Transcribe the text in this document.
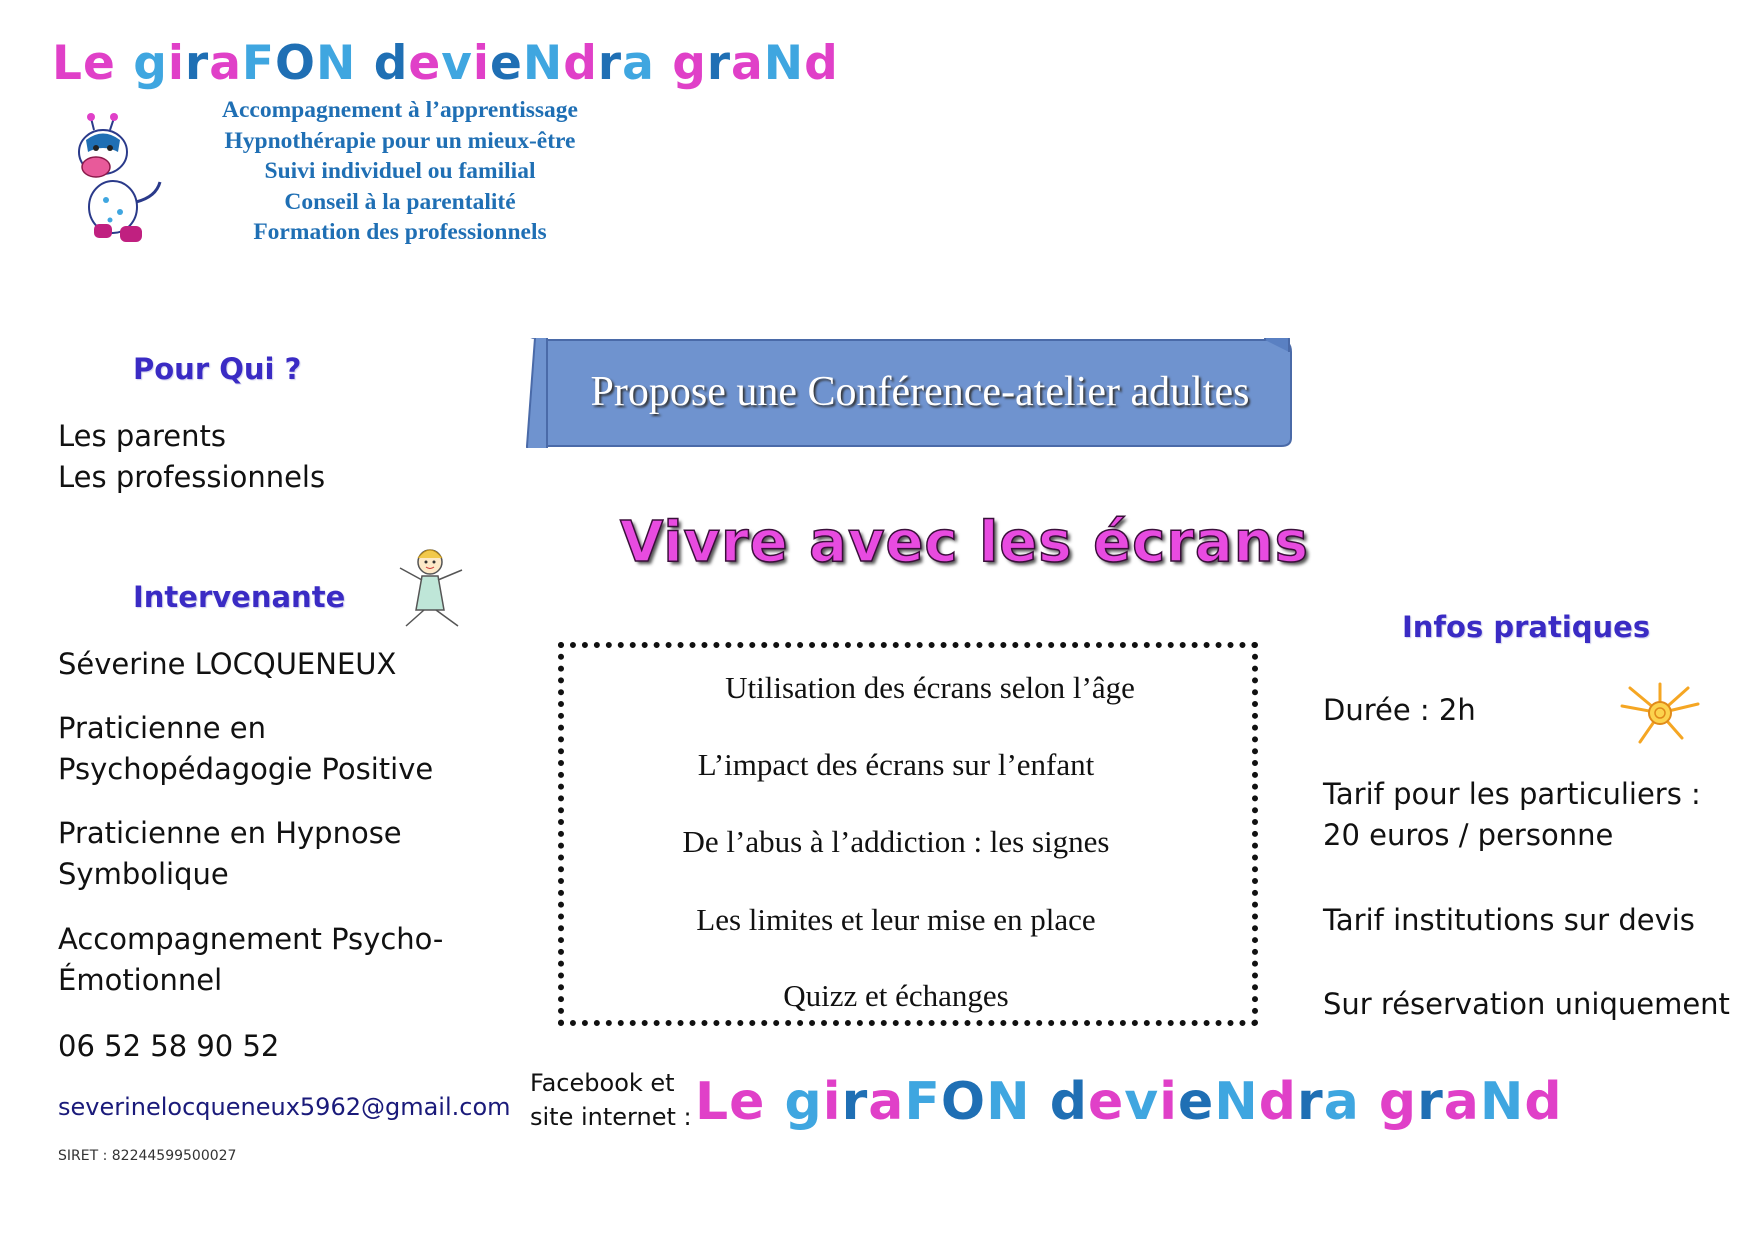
Le giraFON devieNdra graNd
Accompagnement à l’apprentissage
Hypnothérapie pour un mieux-être
Suivi individuel ou familial
Conseil à la parentalité
Formation des professionnels
Pour Qui ?
Les parents
Les professionnels
Intervenante
Séverine LOCQUENEUX
Praticienne en
Psychopédagogie Positive
Praticienne en Hypnose
Symbolique
Accompagnement Psycho-
Émotionnel
06 52 58 90 52
severinelocqueneux5962@gmail.com
SIRET : 82244599500027
Propose une Conférence-atelier adultes
Vivre avec les écrans
Utilisation des écrans selon l’âge
L’impact des écrans sur l’enfant
De l’abus à l’addiction : les signes
Les limites et leur mise en place
Quizz et échanges
Facebook et
site internet : Le giraFON devieNdra graNd
Infos pratiques
Durée : 2h
Tarif pour les particuliers :
20 euros / personne
Tarif institutions sur devis
Sur réservation uniquement
